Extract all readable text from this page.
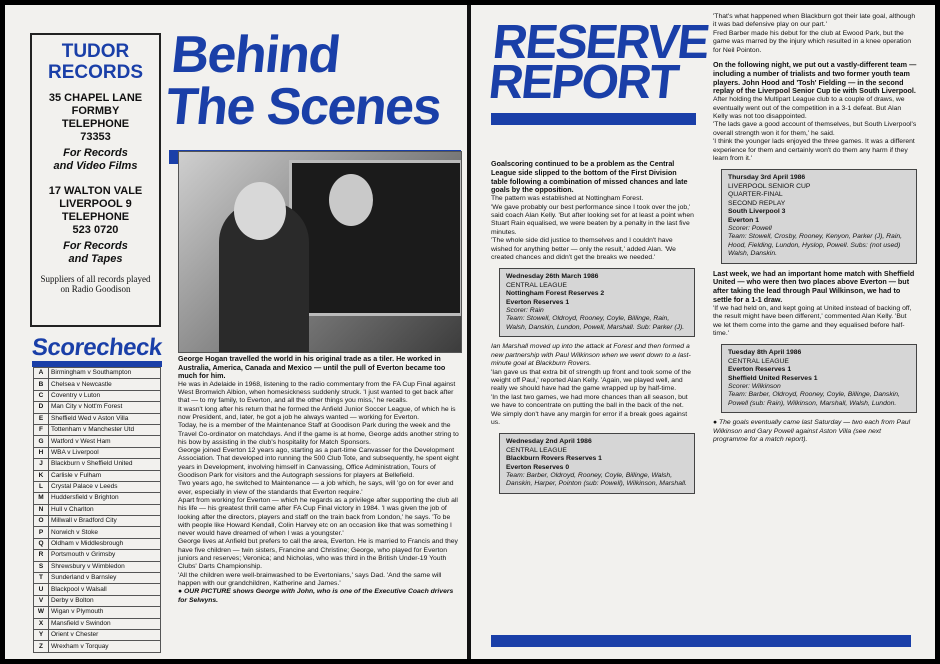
TUDOR
RECORDS
35 CHAPEL LANE
FORMBY
TELEPHONE
73353
For Records
and Video Films
17 WALTON VALE
LIVERPOOL 9
TELEPHONE
523 0720
For Records
and Tapes
Suppliers of all records played on Radio Goodison
Behind
The Scenes
Scorecheck
A	Birmingham v Southampton
B	Chelsea v Newcastle
C	Coventry v Luton
D	Man City v Nott'm Forest
E	Sheffield Wed v Aston Villa
F	Tottenham v Manchester Utd
G	Watford v West Ham
H	WBA v Liverpool
J	Blackburn v Sheffield United
K	Carlisle v Fulham
L	Crystal Palace v Leeds
M	Huddersfield v Brighton
N	Hull v Charlton
O	Millwall v Bradford City
P	Norwich v Stoke
Q	Oldham v Middlesbrough
R	Portsmouth v Grimsby
S	Shrewsbury v Wimbledon
T	Sunderland v Barnsley
U	Blackpool v Walsall
V	Derby v Bolton
W	Wigan v Plymouth
X	Mansfield v Swindon
Y	Orient v Chester
Z	Wrexham v Torquay

George Hogan travelled the world in his original trade as a tiler. He worked in Australia, America, Canada and Mexico — until the pull of Everton became too much for him.

He was in Adelaide in 1968, listening to the radio commentary from the FA Cup Final against West Bromwich Albion, when homesickness suddenly struck. 'I just wanted to get back after that — to my family, to Everton, and all the other things you miss,' he recalls.

It wasn't long after his return that he formed the Anfield Junior Soccer League, of which he is now President, and, later, he got a job he always wanted — working for Everton.

Today, he is a member of the Maintenance Staff at Goodison Park during the week and the Travel Co-ordinator on matchdays. And if the game is at home, George adds another string to his bow by assisting in the club's hospitality for Match Sponsors.

George joined Everton 12 years ago, starting as a part-time Canvasser for the Development Association. That developed into running the 500 Club Tote, and subsequently, he spent eight years in Development, involving himself in Canvassing, Office Administration, Tours of Goodison Park for visitors and the Autograph sessions for players at Bellefield.

Two years ago, he switched to Maintenance — a job which, he says, will 'go on for ever and ever, especially in view of the standards that Everton require.'

Apart from working for Everton — which he regards as a privilege after supporting the club all his life — his greatest thrill came after FA Cup Final victory in 1984. 'I was given the job of looking after the directors, players and staff on the train back from London,' he says. 'To be with people like Howard Kendall, Colin Harvey etc on an occasion like that was something I never would have dreamed of when I was a youngster.'

George lives at Anfield but prefers to call the area, Everton. He is married to Francis and they have five children — twin sisters, Francine and Christine; George, who played for Everton juniors and reserves; Veronica; and Nicholas, who was third in the British Under-19 Youth Clubs' Darts Championship.

'All the children were well-brainwashed to be Evertonians,' says Dad. 'And the same will happen with our grandchildren, Katherine and James.'

● OUR PICTURE shows George with John, who is one of the Executive Coach drivers for Selwyns.

RESERVE
REPORT

Goalscoring continued to be a problem as the Central League side slipped to the bottom of the First Division table following a combination of missed chances and late goals by the opposition.

The pattern was established at Nottingham Forest.

'We gave probably our best performance since I took over the job,' said coach Alan Kelly. 'But after looking set for at least a point when Stuart Rain equalised, we were beaten by a penalty in the last five minutes.

'The whole side did justice to themselves and I couldn't have wished for anything better — only the result,' added Alan. 'We created chances and didn't get the breaks we needed.'

Wednesday 26th March 1986
CENTRAL LEAGUE
Nottingham Forest Reserves 2
Everton Reserves 1
Scorer: Rain
Team: Stowell, Oldroyd, Rooney, Coyle, Billinge, Rain, Walsh, Danskin, Lundon, Powell, Marshall. Sub: Parker (J).

Ian Marshall moved up into the attack at Forest and then formed a new partnership with Paul Wilkinson when we went down to a last-minute goal at Blackburn Rovers.

'Ian gave us that extra bit of strength up front and took some of the weight off Paul,' reported Alan Kelly. 'Again, we played well, and really we should have had the game wrapped up by half-time.

'In the last two games, we had more chances than all season, but we have to concentrate on putting the ball in the back of the net. We simply don't have any margin for error if a break goes against us.

Wednesday 2nd April 1986
CENTRAL LEAGUE
Blackburn Rovers Reserves 1
Everton Reserves 0
Team: Barber, Oldroyd, Rooney, Coyle, Billinge, Walsh, Danskin, Harper, Pointon (sub: Powell), Wilkinson, Marshall.

'That's what happened when Blackburn got their late goal, although it was bad defensive play on our part.'

Fred Barber made his debut for the club at Ewood Park, but the game was marred by the injury which resulted in a knee operation for Neil Pointon.

On the following night, we put out a vastly-different team — including a number of trialists and two former youth team players. John Hood and 'Tosh' Fielding — in the second replay of the Liverpool Senior Cup tie with South Liverpool.

After holding the Multipart League club to a couple of draws, we eventually went out of the competition in a 3-1 defeat. But Alan Kelly was not too disappointed.

'The lads gave a good account of themselves, but South Liverpool's overall strength won it for them,' he said.

'I think the younger lads enjoyed the three games. It was a different experience for them and certainly won't do them any harm if they learn from it.'

Thursday 3rd April 1986
LIVERPOOL SENIOR CUP
QUARTER-FINAL
SECOND REPLAY
South Liverpool 3
Everton 1
Scorer: Powell
Team: Stowell, Crosby, Rooney, Kenyon, Parker (J), Rain, Hood, Fielding, Lundon, Hyslop, Powell. Subs: (not used) Walsh, Danskin.

Last week, we had an important home match with Sheffield United — who were then two places above Everton — but after taking the lead through Paul Wilkinson, we had to settle for a 1-1 draw.

'If we had held on, and kept going at United instead of backing off, the result might have been different,' commented Alan Kelly. 'But we let them come into the game and they equalised before half-time.'

Tuesday 8th April 1986
CENTRAL LEAGUE
Everton Reserves 1
Sheffield United Reserves 1
Scorer: Wilkinson
Team: Barber, Oldroyd, Rooney, Coyle, Billinge, Danskin, Powell (sub: Rain), Wilkinson, Marshall, Walsh, Lundon.

● The goals eventually came last Saturday — two each from Paul Wilkinson and Gary Powell against Aston Villa (see next programme for a match report).
